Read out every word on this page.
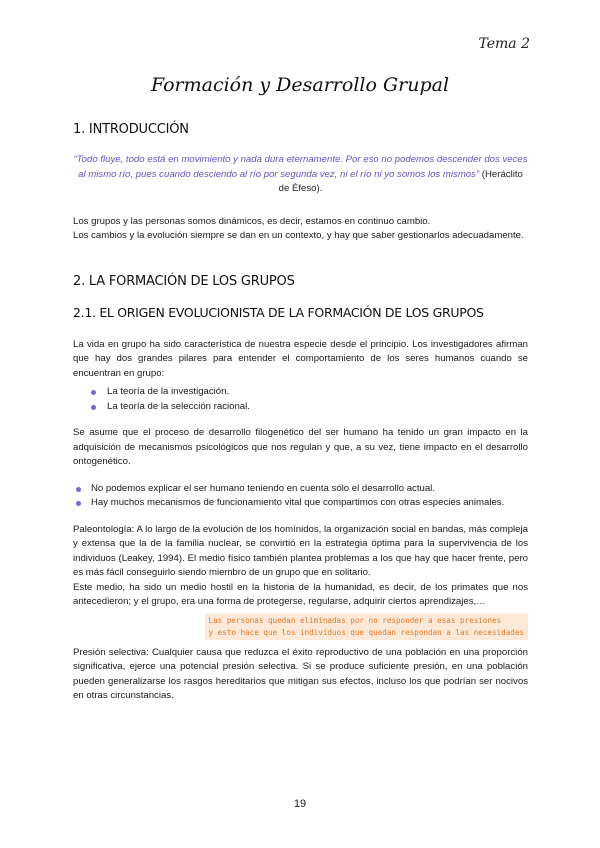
Tema 2
Formación y Desarrollo Grupal
1. INTRODUCCIÓN
“Todo fluye, todo está en movimiento y nada dura eternamente. Por eso no podemos descender dos veces al mismo río, pues cuando desciendo al río por segunda vez, ni el río ni yo somos los mismos” (Heráclito de Éfeso).

Los grupos y las personas somos dinámicos, es decir, estamos en continuo cambio.

Los cambios y la evolución siempre se dan en un contexto, y hay que saber gestionarlos adecuadamente.

2. LA FORMACIÓN DE LOS GRUPOS
2.1. EL ORIGEN EVOLUCIONISTA DE LA FORMACIÓN DE LOS GRUPOS

La vida en grupo ha sido característica de nuestra especie desde el principio. Los investigadores afirman que hay dos grandes pilares para entender el comportamiento de los seres humanos cuando se encuentran en grupo:

La teoría de la investigación.
La teoría de la selección racional.

Se asume que el proceso de desarrollo filogenético del ser humano ha tenido un gran impacto en la adquisición de mecanismos psicológicos que nos regulan y que, a su vez, tiene impacto en el desarrollo ontogenético.

No podemos explicar el ser humano teniendo en cuenta sólo el desarrollo actual.
Hay muchos mecanismos de funcionamiento vital que compartimos con otras especies animales.

Paleontología: A lo largo de la evolución de los homínidos, la organización social en bandas, más compleja y extensa que la de la familia nuclear, se convirtió en la estrategia óptima para la supervivencia de los individuos (Leakey, 1994). El medio físico también plantea problemas a los que hay que hacer frente, pero es más fácil conseguirlo siendo miembro de un grupo que en solitario.

Este medio, ha sido un medio hostil en la historia de la humanidad, es decir, de los primates que nos antecedieron; y el grupo, era una forma de protegerse, regularse, adquirir ciertos aprendizajes,…

Las personas quedan eliminadas por no responder a esas presiones
y esto hace que los individuos que quedan respondan a las necesidades

Presión selectiva: Cualquier causa que reduzca el éxito reproductivo de una población en una proporción significativa, ejerce una potencial presión selectiva. Si se produce suficiente presión, en una población pueden generalizarse los rasgos hereditarios que mitigan sus efectos, incluso los que podrían ser nocivos en otras circunstancias.

19
